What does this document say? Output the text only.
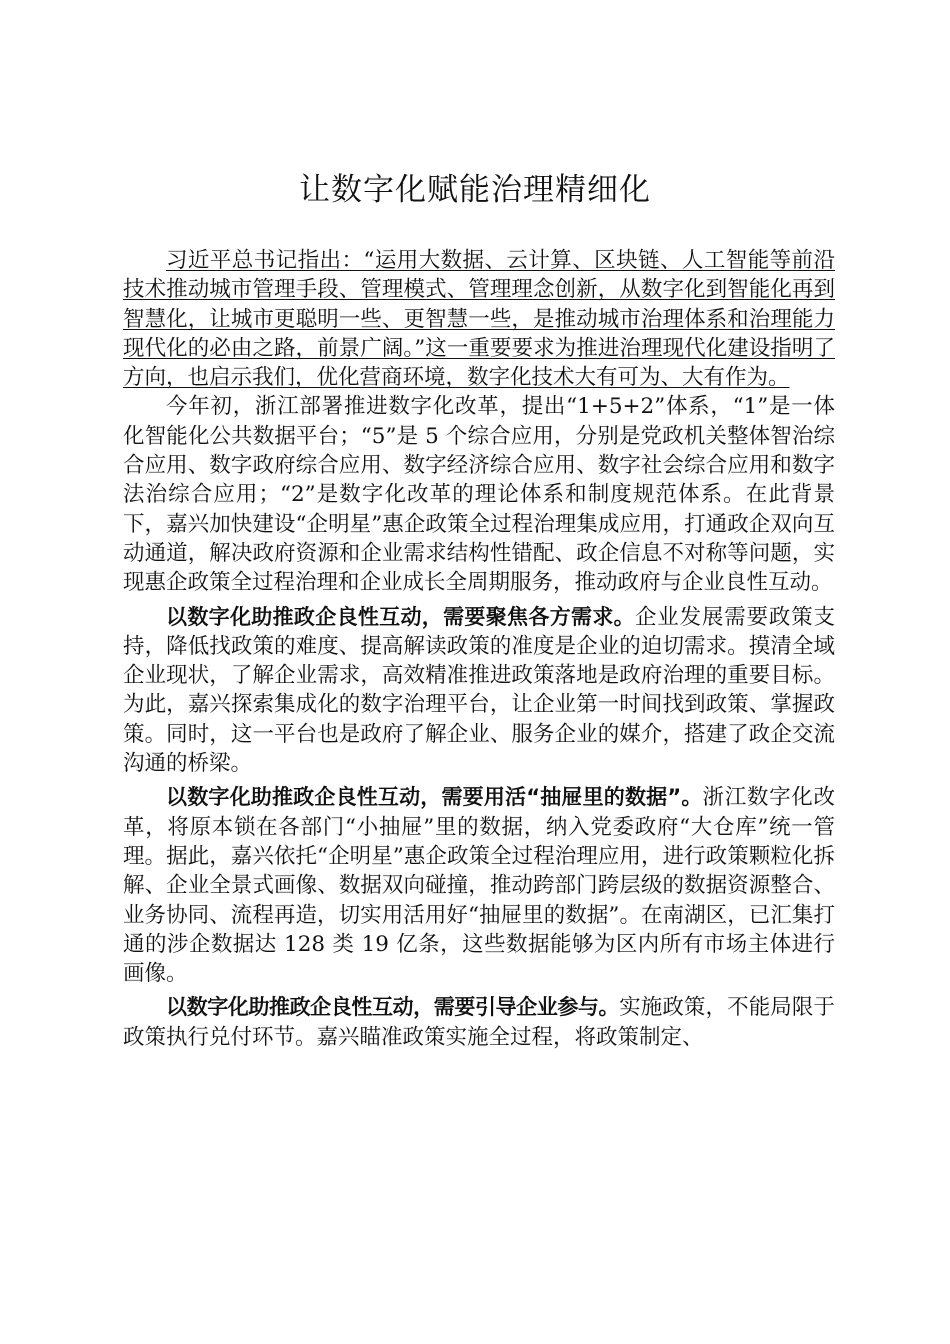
让数字化赋能治理精细化

习近平总书记指出：“运用大数据、云计算、区块链、人工智能等前沿技术推动城市管理手段、管理模式、管理理念创新，从数字化到智能化再到智慧化，让城市更聪明一些、更智慧一些，是推动城市治理体系和治理能力现代化的必由之路，前景广阔。”这一重要要求为推进治理现代化建设指明了方向，也启示我们，优化营商环境，数字化技术大有可为、大有作为。

今年初，浙江部署推进数字化改革，提出“1+5+2”体系，“1”是一体化智能化公共数据平台；“5”是 5 个综合应用，分别是党政机关整体智治综合应用、数字政府综合应用、数字经济综合应用、数字社会综合应用和数字法治综合应用；“2”是数字化改革的理论体系和制度规范体系。在此背景下，嘉兴加快建设“企明星”惠企政策全过程治理集成应用，打通政企双向互动通道，解决政府资源和企业需求结构性错配、政企信息不对称等问题，实现惠企政策全过程治理和企业成长全周期服务，推动政府与企业良性互动。

以数字化助推政企良性互动，需要聚焦各方需求。企业发展需要政策支持，降低找政策的难度、提高解读政策的准度是企业的迫切需求。摸清全域企业现状，了解企业需求，高效精准推进政策落地是政府治理的重要目标。为此，嘉兴探索集成化的数字治理平台，让企业第一时间找到政策、掌握政策。同时，这一平台也是政府了解企业、服务企业的媒介，搭建了政企交流沟通的桥梁。

以数字化助推政企良性互动，需要用活“抽屉里的数据”。浙江数字化改革，将原本锁在各部门“小抽屉”里的数据，纳入党委政府“大仓库”统一管理。据此，嘉兴依托“企明星”惠企政策全过程治理应用，进行政策颗粒化拆解、企业全景式画像、数据双向碰撞，推动跨部门跨层级的数据资源整合、业务协同、流程再造，切实用活用好“抽屉里的数据”。在南湖区，已汇集打通的涉企数据达 128 类 19 亿条，这些数据能够为区内所有市场主体进行画像。

以数字化助推政企良性互动，需要引导企业参与。实施政策，不能局限于政策执行兑付环节。嘉兴瞄准政策实施全过程，将政策制定、
